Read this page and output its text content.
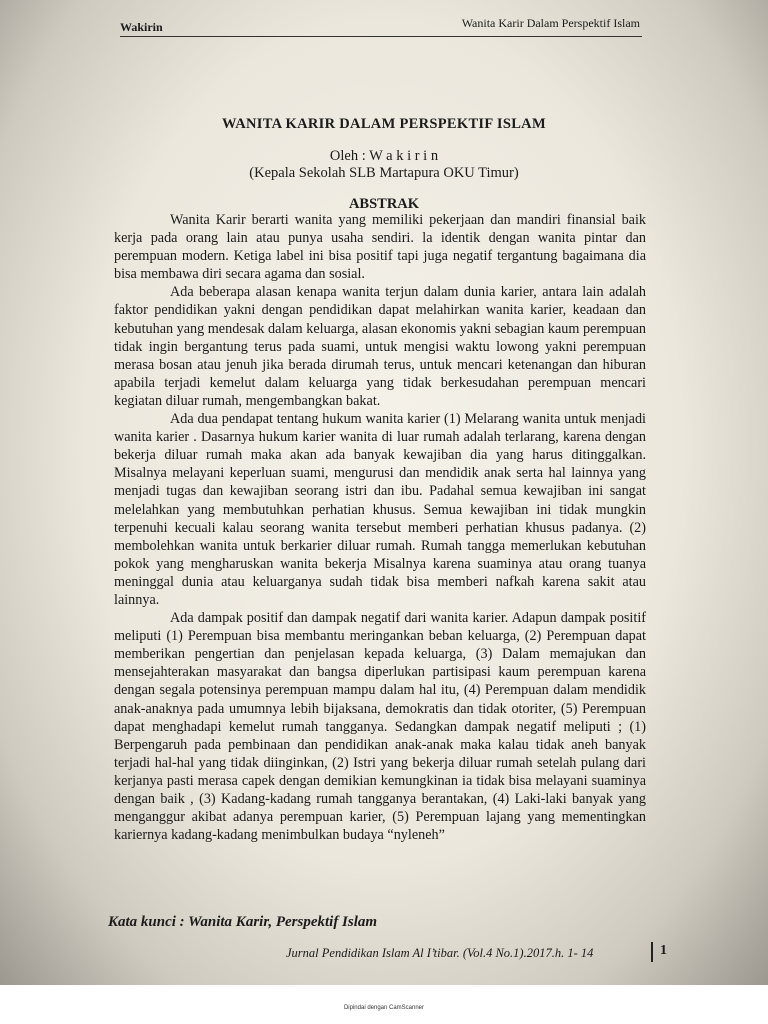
Wakirin	Wanita Karir Dalam Perspektif Islam
WANITA KARIR DALAM PERSPEKTIF ISLAM
Oleh : W a k i r i n
(Kepala Sekolah SLB Martapura OKU Timur)
ABSTRAK

Wanita Karir berarti wanita yang memiliki pekerjaan dan mandiri finansial baik kerja pada orang lain atau punya usaha sendiri. la identik dengan wanita pintar dan perempuan modern. Ketiga label ini bisa positif tapi juga negatif tergantung bagaimana dia bisa membawa diri secara agama dan sosial.

Ada beberapa alasan kenapa wanita terjun dalam dunia karier, antara lain adalah faktor pendidikan yakni dengan pendidikan dapat melahirkan wanita karier, keadaan dan kebutuhan yang mendesak dalam keluarga, alasan ekonomis yakni sebagian kaum perempuan tidak ingin bergantung terus pada suami, untuk mengisi waktu lowong yakni perempuan merasa bosan atau jenuh jika berada dirumah terus, untuk mencari ketenangan dan hiburan apabila terjadi kemelut dalam keluarga yang tidak berkesudahan perempuan mencari kegiatan diluar rumah, mengembangkan bakat.

Ada dua pendapat tentang hukum wanita karier (1) Melarang wanita untuk menjadi wanita karier . Dasarnya hukum karier wanita di luar rumah adalah terlarang, karena dengan bekerja diluar rumah maka akan ada banyak kewajiban dia yang harus ditinggalkan. Misalnya melayani keperluan suami, mengurusi dan mendidik anak serta hal lainnya yang menjadi tugas dan kewajiban seorang istri dan ibu. Padahal semua kewajiban ini sangat melelahkan yang membutuhkan perhatian khusus. Semua kewajiban ini tidak mungkin terpenuhi kecuali kalau seorang wanita tersebut memberi perhatian khusus padanya. (2) membolehkan wanita untuk berkarier diluar rumah. Rumah tangga memerlukan kebutuhan pokok yang mengharuskan wanita bekerja Misalnya karena suaminya atau orang tuanya meninggal dunia atau keluarganya sudah tidak bisa memberi nafkah karena sakit atau lainnya.

Ada dampak positif dan dampak negatif dari wanita karier. Adapun dampak positif meliputi (1) Perempuan bisa membantu meringankan beban keluarga, (2) Perempuan dapat memberikan pengertian dan penjelasan kepada keluarga, (3) Dalam memajukan dan mensejahterakan masyarakat dan bangsa diperlukan partisipasi kaum perempuan karena dengan segala potensinya perempuan mampu dalam hal itu, (4) Perempuan dalam mendidik anak-anaknya pada umumnya lebih bijaksana, demokratis dan tidak otoriter, (5) Perempuan dapat menghadapi kemelut rumah tangganya. Sedangkan dampak negatif meliputi ; (1) Berpengaruh pada pembinaan dan pendidikan anak-anak maka kalau tidak aneh banyak terjadi hal-hal yang tidak diinginkan, (2) Istri yang bekerja diluar rumah setelah pulang dari kerjanya pasti merasa capek dengan demikian kemungkinan ia tidak bisa melayani suaminya dengan baik , (3) Kadang-kadang rumah tangganya berantakan, (4) Laki-laki banyak yang menganggur akibat adanya perempuan karier, (5) Perempuan lajang yang mementingkan kariernya kadang-kadang menimbulkan budaya “nyleneh”

Kata kunci : Wanita Karir, Perspektif Islam
Jurnal Pendidikan Islam Al I’tibar. (Vol.4 No.1).2017.h. 1- 14	1
Dipindai dengan CamScanner
